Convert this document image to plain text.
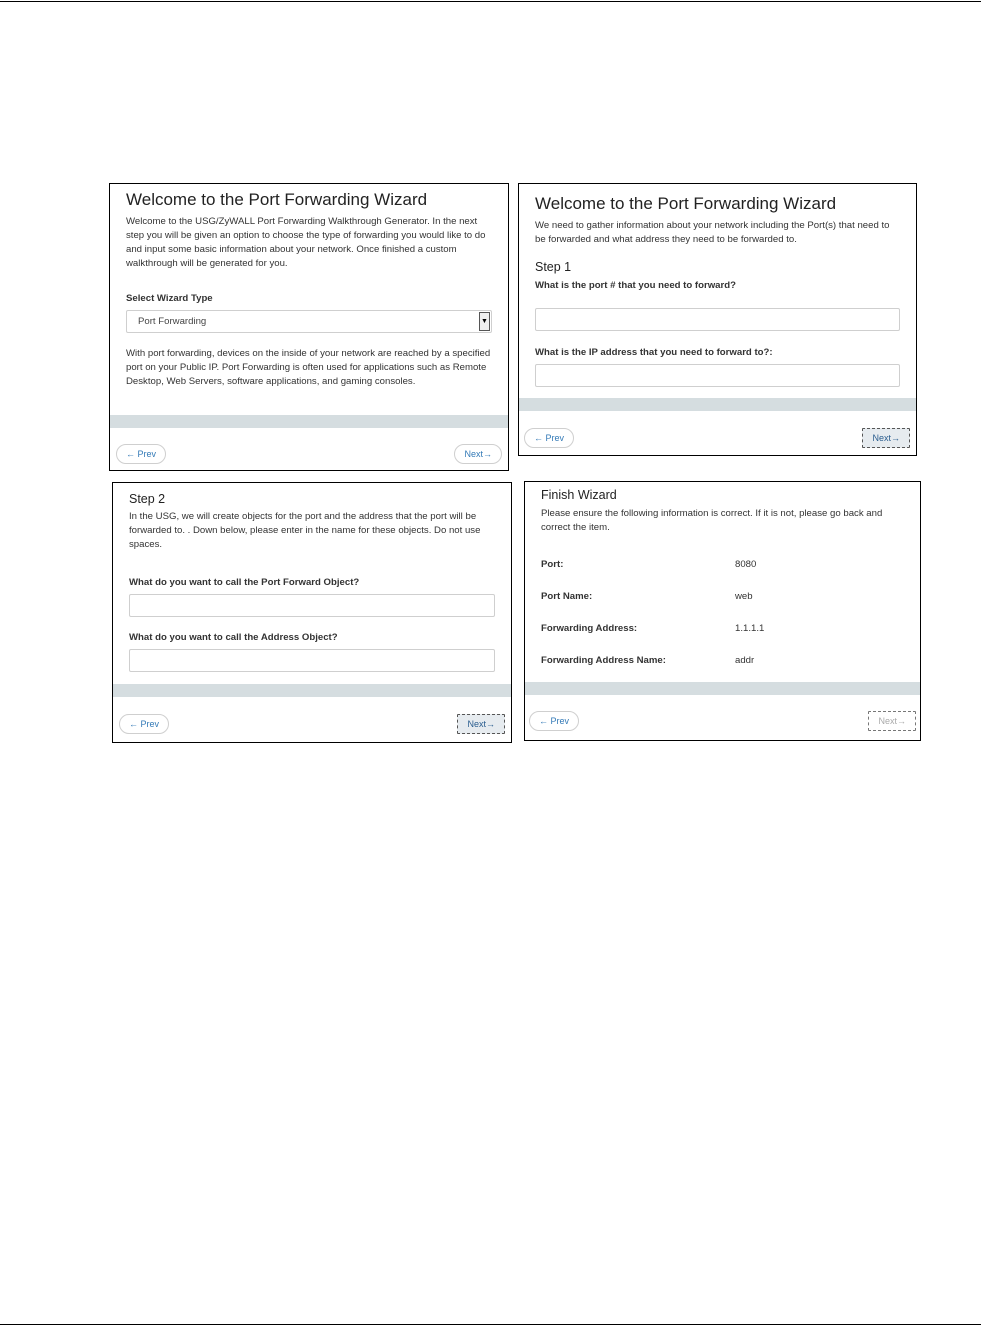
Welcome to the Port Forwarding Wizard

Welcome to the USG/ZyWALL Port Forwarding Walkthrough Generator. In the next step you will be given an option to choose the type of forwarding you would like to do and input some basic information about your network. Once finished a custom walkthrough will be generated for you.

Select Wizard Type

Port Forwarding	▼

With port forwarding, devices on the inside of your network are reached by a specified port on your Public IP. Port Forwarding is often used for applications such as Remote Desktop, Web Servers, software applications, and gaming consoles.

← Prev	Next→
Welcome to the Port Forwarding Wizard

We need to gather information about your network including the Port(s) that need to be forwarded and what address they need to be forwarded to.

Step 1

What is the port # that you need to forward?

What is the IP address that you need to forward to?:

← Prev	Next→
Step 2

In the USG, we will create objects for the port and the address that the port will be forwarded to. . Down below, please enter in the name for these objects. Do not use spaces.

What do you want to call the Port Forward Object?

What do you want to call the Address Object?

← Prev	Next→
Finish Wizard

Please ensure the following information is correct. If it is not, please go back and correct the item.

Port:	8080
Port Name:	web
Forwarding Address:	1.1.1.1
Forwarding Address Name:	addr
← Prev	Next→
